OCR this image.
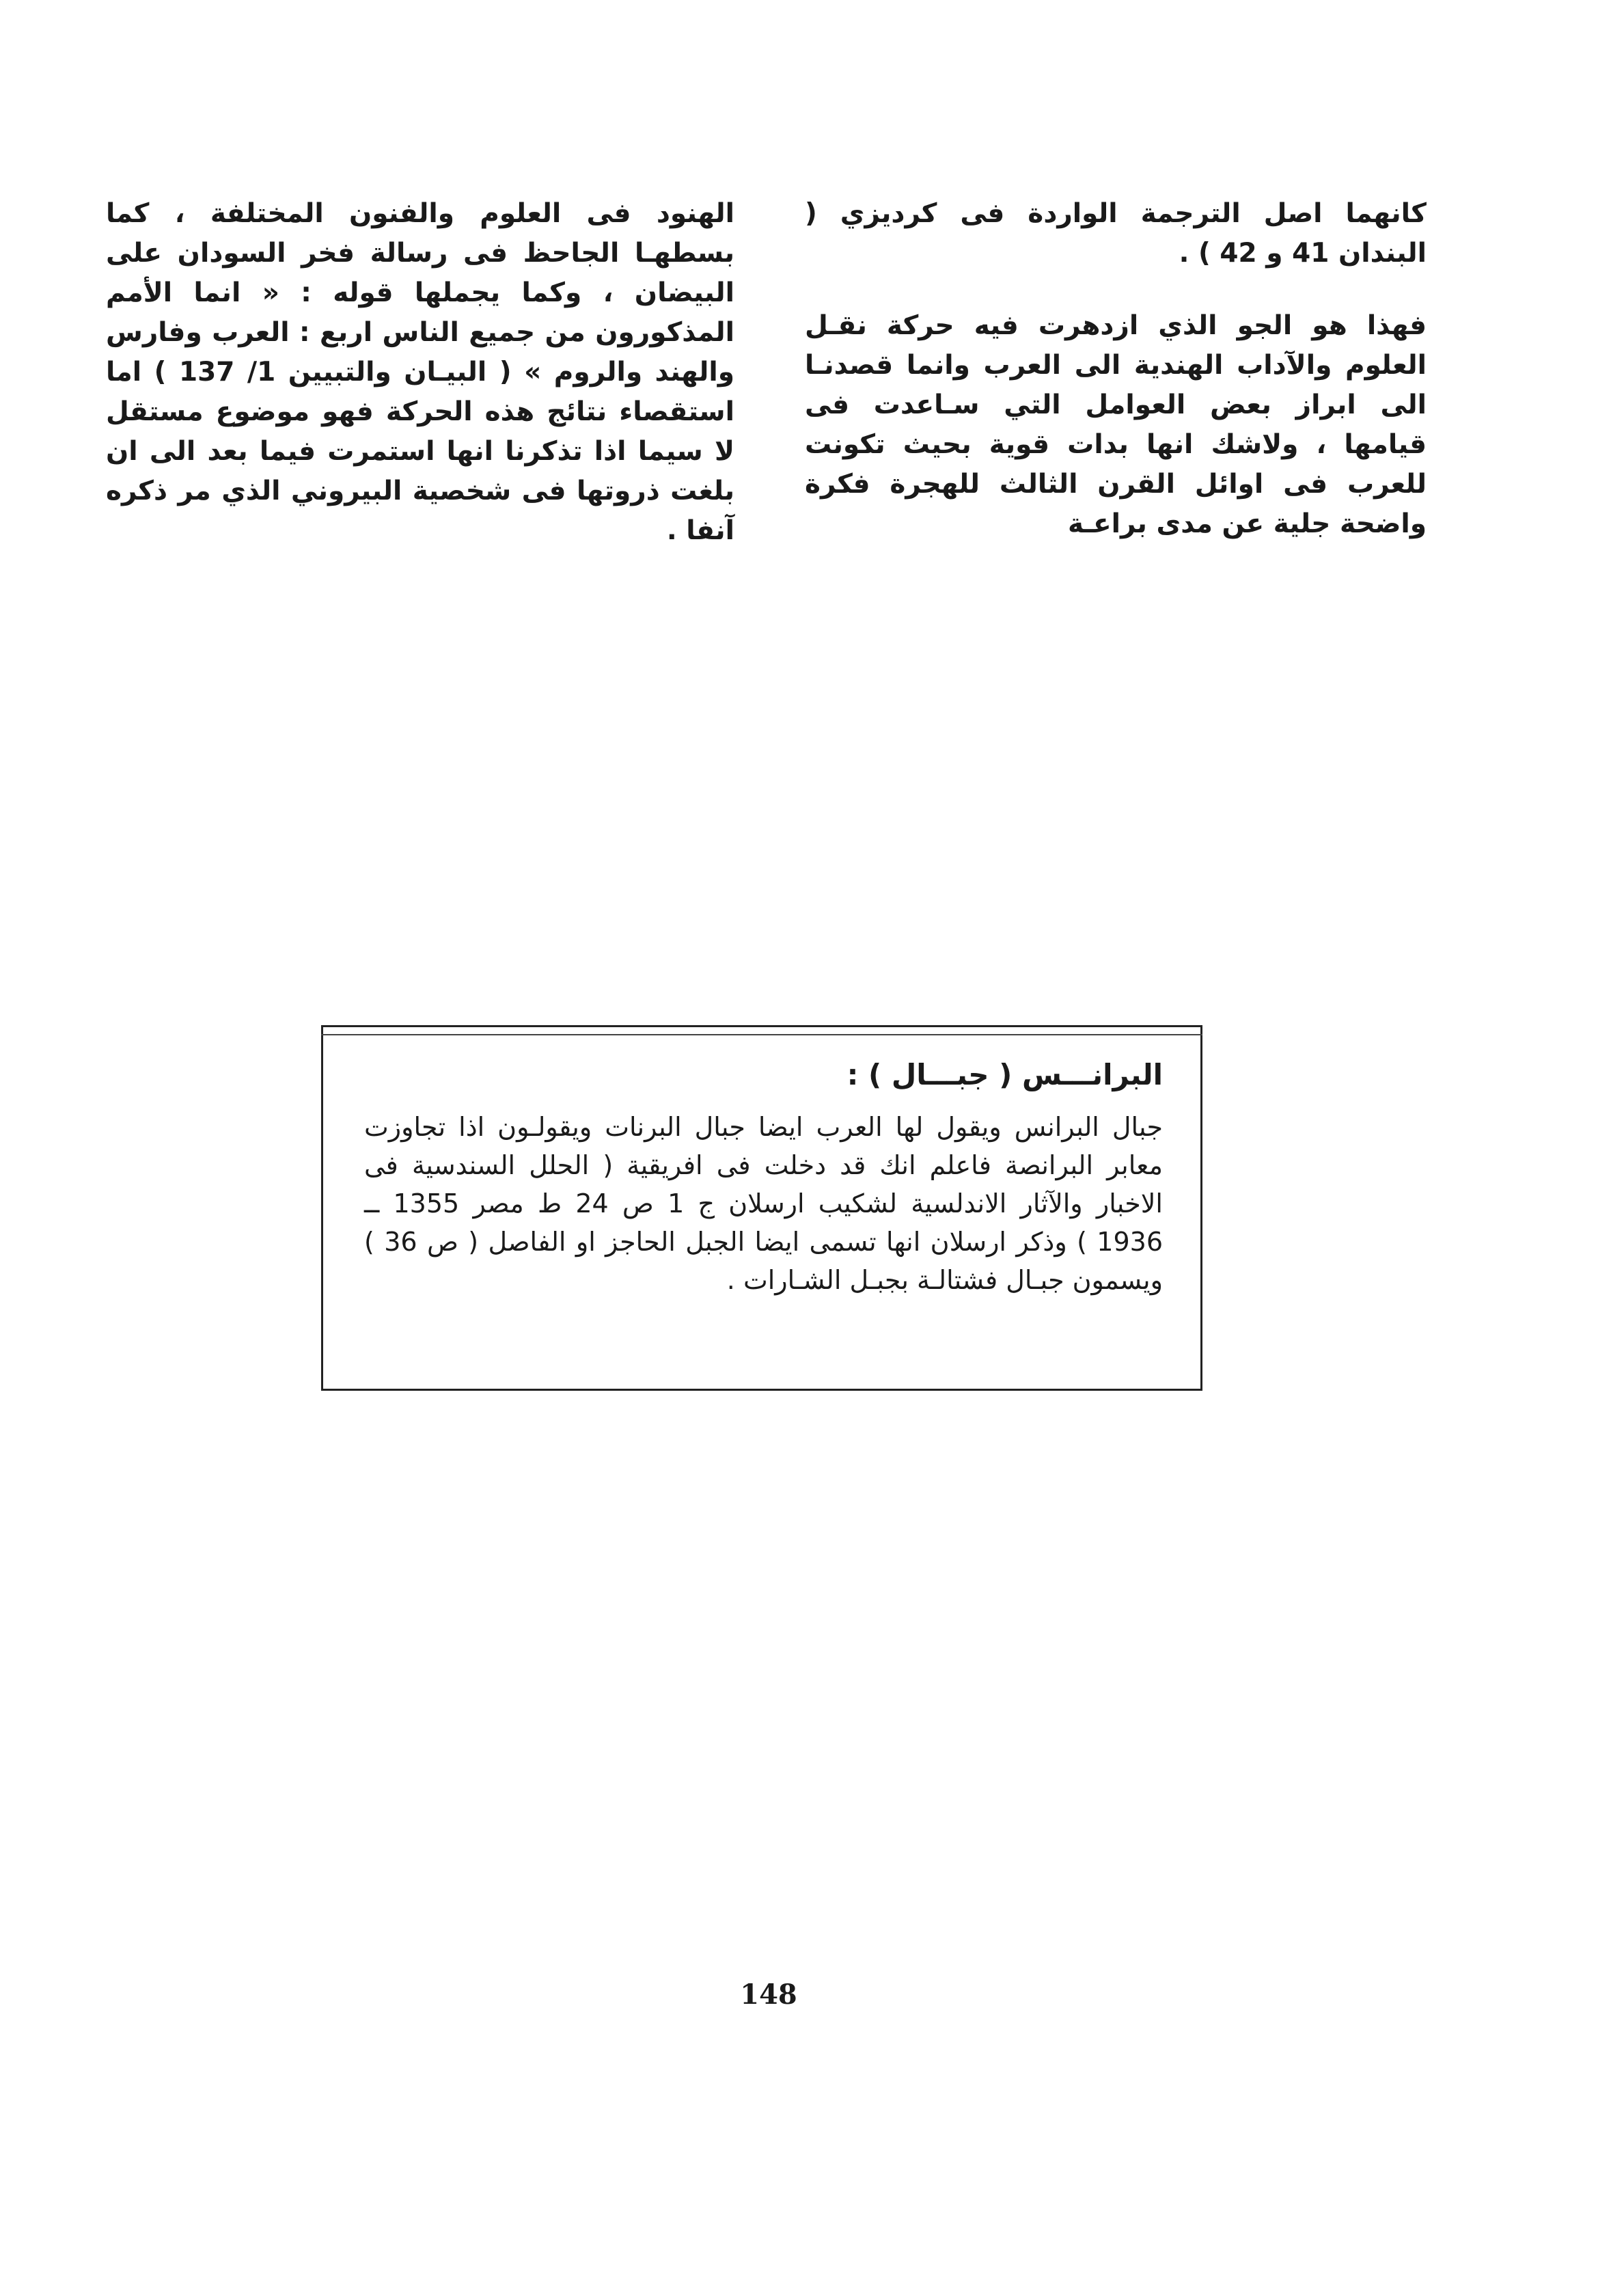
كانهما اصل الترجمة الواردة فى كرديزي ( البندان 41 و 42 ) .

فهذا هو الجو الذي ازدهرت فيه حركة نقـل العلوم والآداب الهندية الى العرب وانما قصدنـا الى ابراز بعض العوامل التي سـاعدت فى قيامها ، ولاشك انها بدات قوية بحيث تكونت للعرب فى اوائل القرن الثالث للهجرة فكرة واضحة جلية عن مدى براعـة

الهنود فى العلوم والفنون المختلفة ، كما بسطهـا الجاحظ فى رسالة فخر السودان على البيضان ، وكما يجملها قوله : « انما الأمم المذكورون من جميع الناس اربع : العرب وفارس والهند والروم » ( البيـان والتبيين 1/ 137 ) اما استقصاء نتائج هذه الحركة فهو موضوع مستقل لا سيما اذا تذكرنا انها استمرت فيما بعد الى ان بلغت ذروتها فى شخصية البيروني الذي مر ذكره آنفا .

البرانـــس ( جبـــال ) :
جبال البرانس ويقول لها العرب ايضا جبال البرنات ويقولـون اذا تجاوزت معابر البرانصة فاعلم انك قد دخلت فى افريقية ( الحلل السندسية فى الاخبار والآثار الاندلسية لشكيب ارسلان ج 1 ص 24 ط مصر 1355 ــ 1936 ) وذكر ارسلان انها تسمى ايضا الجبل الحاجز او الفاصل ( ص 36 ) ويسمون جبـال فشتالـة بجبـل الشـارات .
148
